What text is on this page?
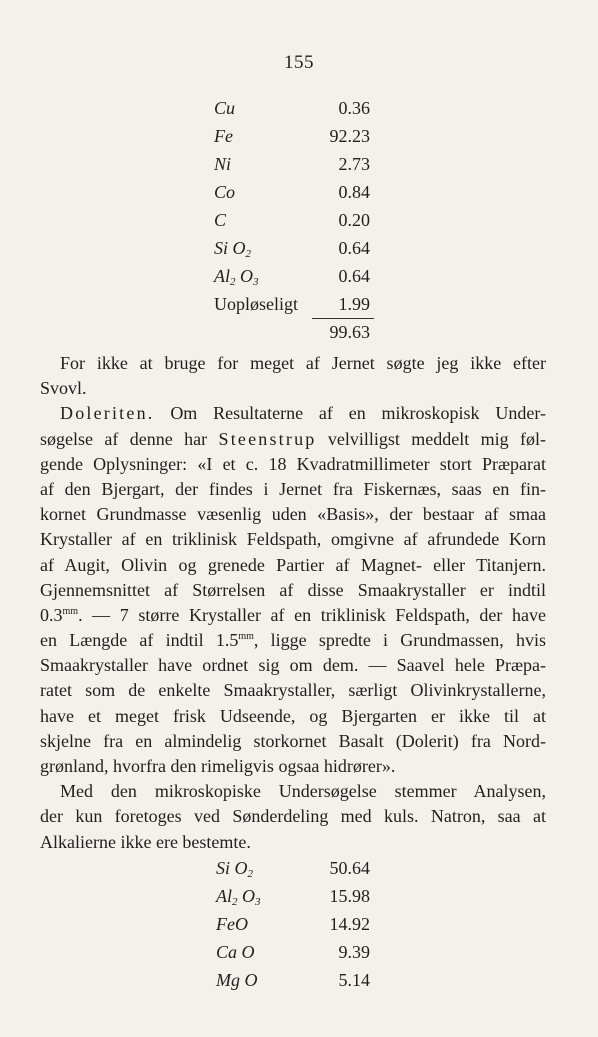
155
Cu	0.36
Fe	92.23
Ni	2.73
Co	0.84
C	0.20
Si $O_2$	0.64
$Al_2$ $O_3$	0.64
Uopløseligt	1.99
99.63
For ikke at bruge for meget af Jernet søgte jeg ikke efter
Svovl.
Doleriten. Om Resultaterne af en mikroskopisk Under-
søgelse af denne har Steenstrup velvilligst meddelt mig føl-
gende Oplysninger: «I et c. 18 Kvadratmillimeter stort Præparat
af den Bjergart, der findes i Jernet fra Fiskernæs, saas en fin-
kornet Grundmasse væsenlig uden «Basis», der bestaar af smaa
Krystaller af en triklinisk Feldspath, omgivne af afrundede Korn
af Augit, Olivin og grenede Partier af Magnet- eller Titanjern.
Gjennemsnittet af Størrelsen af disse Smaakrystaller er indtil
$0.3^{mm}$. — 7 større Krystaller af en triklinisk Feldspath, der have
en Længde af indtil $1.5^{mm}$, ligge spredte i Grundmassen, hvis
Smaakrystaller have ordnet sig om dem. — Saavel hele Præpa-
ratet som de enkelte Smaakrystaller, særligt Olivinkrystallerne,
have et meget frisk Udseende, og Bjergarten er ikke til at
skjelne fra en almindelig storkornet Basalt (Dolerit) fra Nord-
grønland, hvorfra den rimeligvis ogsaa hidrører».
Med den mikroskopiske Undersøgelse stemmer Analysen,
der kun foretoges ved Sønderdeling med kuls. Natron, saa at
Alkalierne ikke ere bestemte.
Si $O_2$	50.64
$Al_2$ $O_3$	15.98
FeO	14.92
Ca O	9.39
Mg O	5.14
